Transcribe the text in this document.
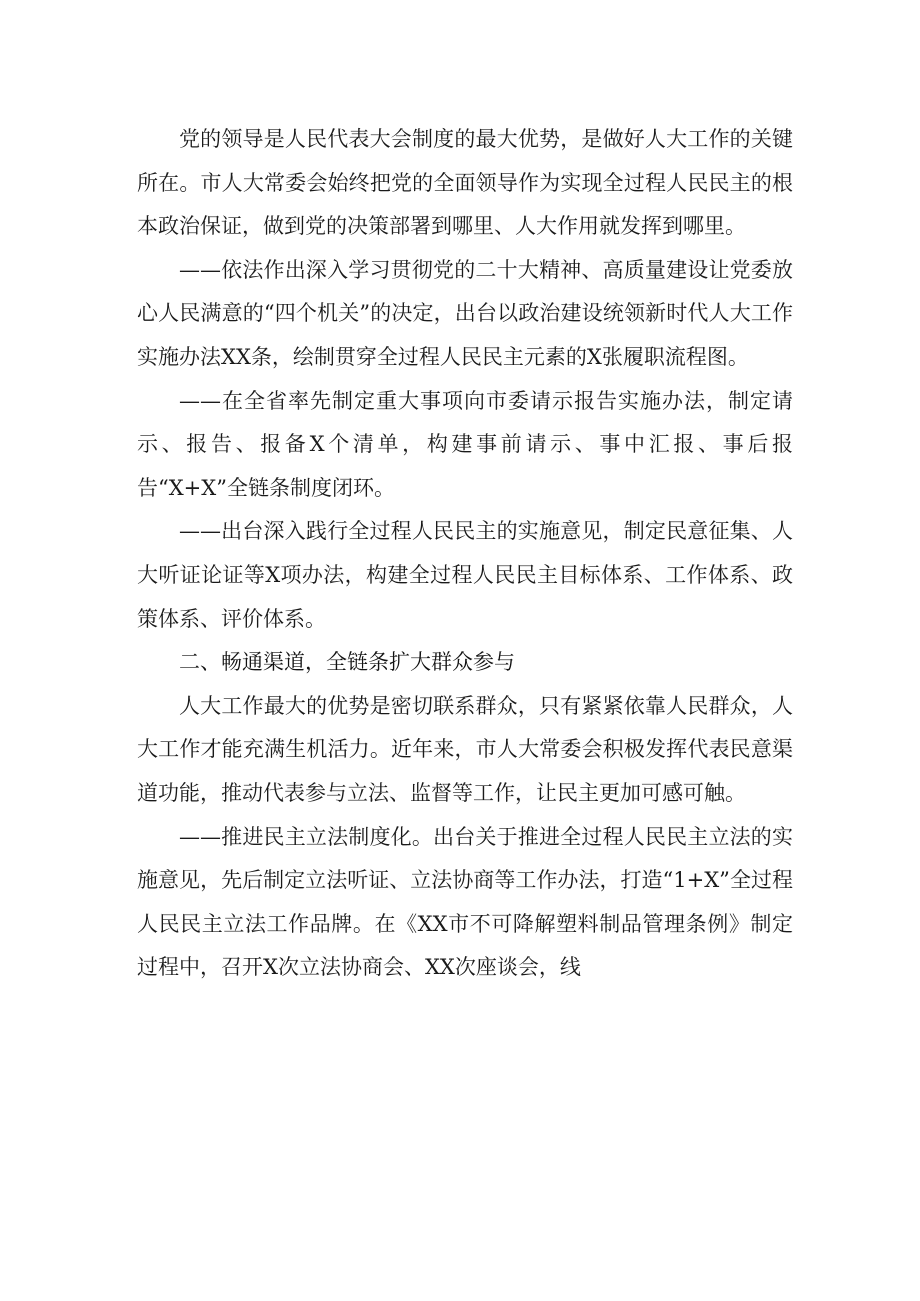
党的领导是人民代表大会制度的最大优势，是做好人大工作的关键所在。市人大常委会始终把党的全面领导作为实现全过程人民民主的根本政治保证，做到党的决策部署到哪里、人大作用就发挥到哪里。

——依法作出深入学习贯彻党的二十大精神、高质量建设让党委放心人民满意的“四个机关”的决定，出台以政治建设统领新时代人大工作实施办法XX条，绘制贯穿全过程人民民主元素的X张履职流程图。

——在全省率先制定重大事项向市委请示报告实施办法，制定请示、报告、报备X个清单，构建事前请示、事中汇报、事后报告“X+X”全链条制度闭环。

——出台深入践行全过程人民民主的实施意见，制定民意征集、人大听证论证等X项办法，构建全过程人民民主目标体系、工作体系、政策体系、评价体系。

二、畅通渠道，全链条扩大群众参与

人大工作最大的优势是密切联系群众，只有紧紧依靠人民群众，人大工作才能充满生机活力。近年来，市人大常委会积极发挥代表民意渠道功能，推动代表参与立法、监督等工作，让民主更加可感可触。

——推进民主立法制度化。出台关于推进全过程人民民主立法的实施意见，先后制定立法听证、立法协商等工作办法，打造“1+X”全过程人民民主立法工作品牌。在《XX市不可降解塑料制品管理条例》制定过程中，召开X次立法协商会、XX次座谈会，线
